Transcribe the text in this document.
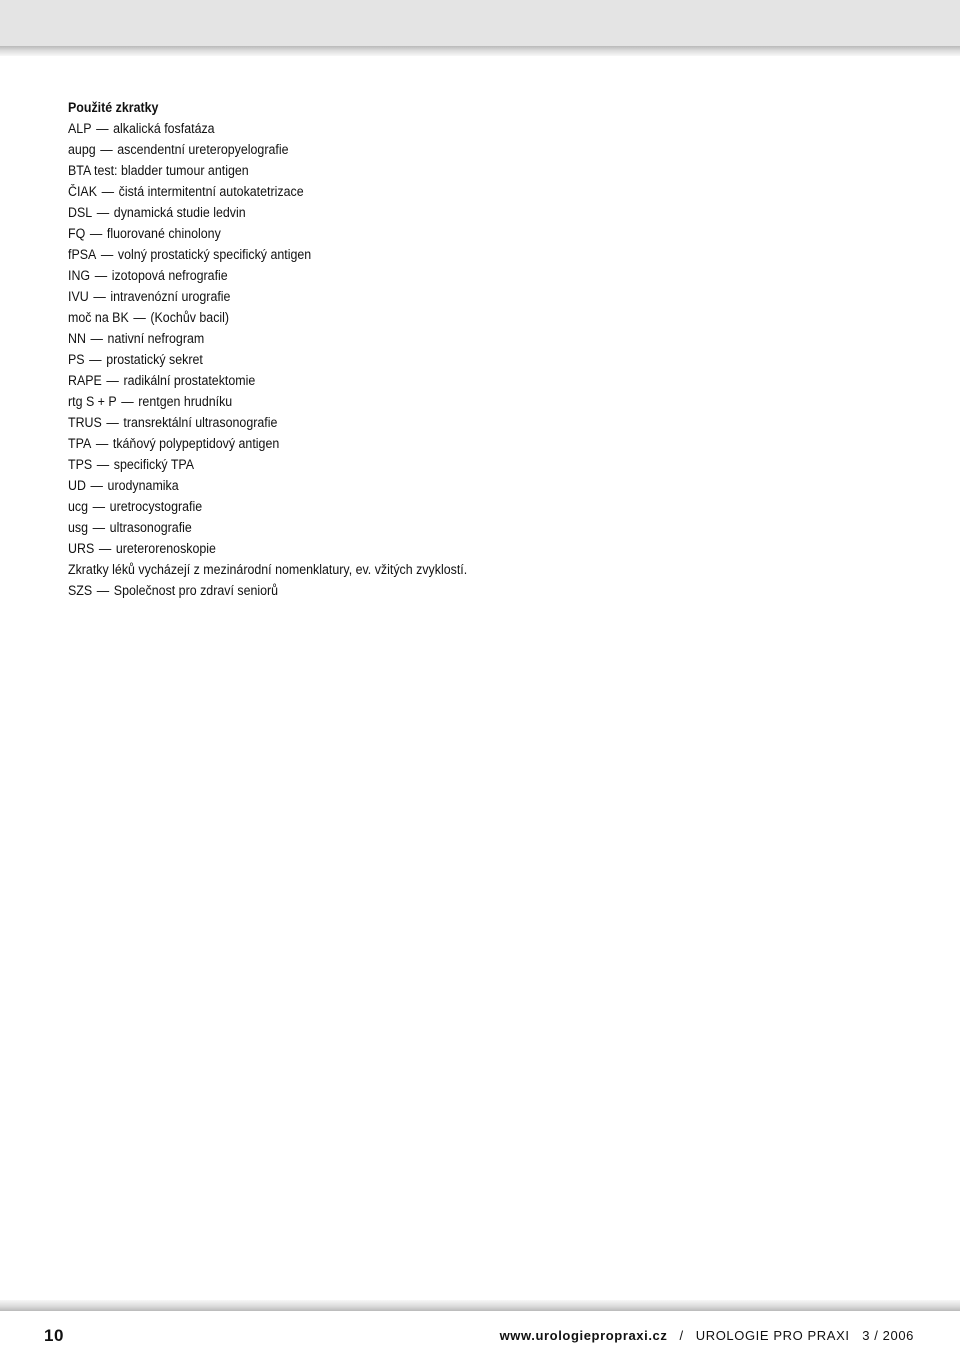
Použité zkratky
ALP — alkalická fosfatáza
aupg — ascendentní ureteropyelografie
BTA test: bladder tumour antigen
ČIAK — čistá intermitentní autokatetrizace
DSL — dynamická studie ledvin
FQ — fluorované chinolony
fPSA — volný prostatický specifický antigen
ING — izotopová nefrografie
IVU — intravenózní urografie
moč na BK — (Kochův bacil)
NN — nativní nefrogram
PS — prostatický sekret
RAPE — radikální prostatektomie
rtg S + P — rentgen hrudníku
TRUS — transrektální ultrasonografie
TPA — tkáňový polypeptidový antigen
TPS — specifický TPA
UD — urodynamika
ucg — uretrocystografie
usg — ultrasonografie
URS — ureterorenoskopie
Zkratky léků vycházejí z mezinárodní nomenklatury, ev. vžitých zvyklostí.
SZS — Společnost pro zdraví seniorů
10	www.urologiepropraxi.cz / UROLOGIE PRO PRAXI 3 / 2006
